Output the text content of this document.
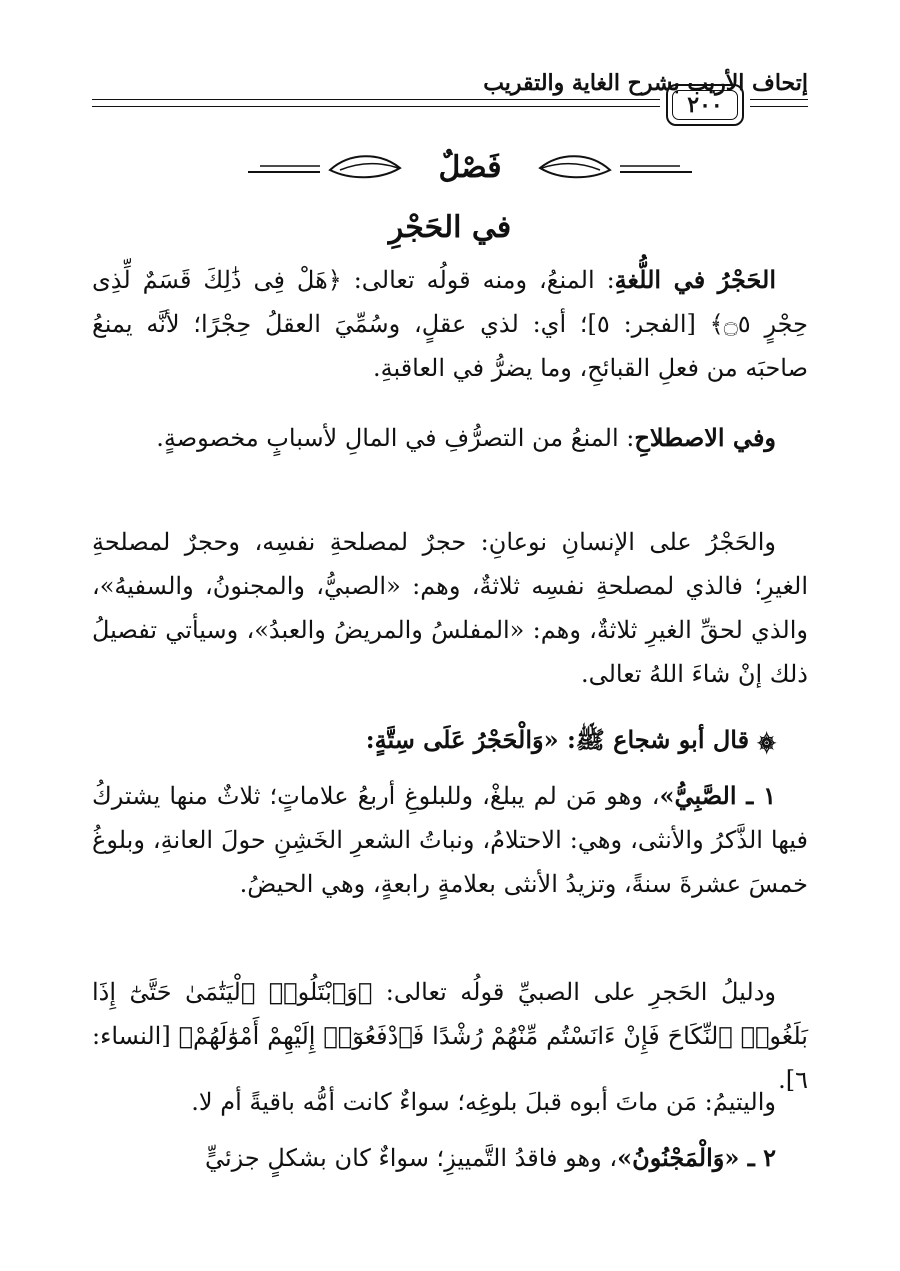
إتحاف الأريب بشرح الغاية والتقريب
٢٠٠
فَصْلٌ
في الحَجْرِ
الحَجْرُ في اللُّغةِ: المنعُ، ومنه قولُه تعالى: ﴿هَلْ فِى ذَٰلِكَ قَسَمٌ لِّذِى حِجْرٍ ۝٥﴾ [الفجر: ٥]؛ أي: لذي عقلٍ، وسُمِّيَ العقلُ حِجْرًا؛ لأنَّه يمنعُ صاحبَه من فعلِ القبائحِ، وما يضرُّ في العاقبةِ.
وفي الاصطلاحِ: المنعُ من التصرُّفِ في المالِ لأسبابٍ مخصوصةٍ.
والحَجْرُ على الإنسانِ نوعانِ: حجرٌ لمصلحةِ نفسِه، وحجرٌ لمصلحةِ الغيرِ؛ فالذي لمصلحةِ نفسِه ثلاثةٌ، وهم: «الصبيُّ، والمجنونُ، والسفيهُ»، والذي لحقِّ الغيرِ ثلاثةٌ، وهم: «المفلسُ والمريضُ والعبدُ»، وسيأتي تفصيلُ ذلك إنْ شاءَ اللهُ تعالى.
۞ قال أبو شجاع ﷺ: «وَالْحَجْرُ عَلَى سِتَّةٍ:
١ ـ الصَّبِيُّ»، وهو مَن لم يبلغْ، وللبلوغِ أربعُ علاماتٍ؛ ثلاثٌ منها يشتركُ فيها الذَّكرُ والأنثى، وهي: الاحتلامُ، ونباتُ الشعرِ الخَشِنِ حولَ العانةِ، وبلوغُ خمسَ عشرةَ سنةً، وتزيدُ الأنثى بعلامةٍ رابعةٍ، وهي الحيضُ.
ودليلُ الحَجرِ على الصبيِّ قولُه تعالى: ﴿وَٱبْتَلُوا۟ ٱلْيَتَٰمَىٰ حَتَّىٰٓ إِذَا بَلَغُوا۟ ٱلنِّكَاحَ فَإِنْ ءَانَسْتُم مِّنْهُمْ رُشْدًا فَٱدْفَعُوٓا۟ إِلَيْهِمْ أَمْوَٰلَهُمْ﴾ [النساء: ٦].
واليتيمُ: مَن ماتَ أبوه قبلَ بلوغِه؛ سواءٌ كانت أمُّه باقيةً أم لا.
٢ ـ «وَالْمَجْنُونُ»، وهو فاقدُ التَّمييزِ؛ سواءٌ كان بشكلٍ جزئيٍّ
